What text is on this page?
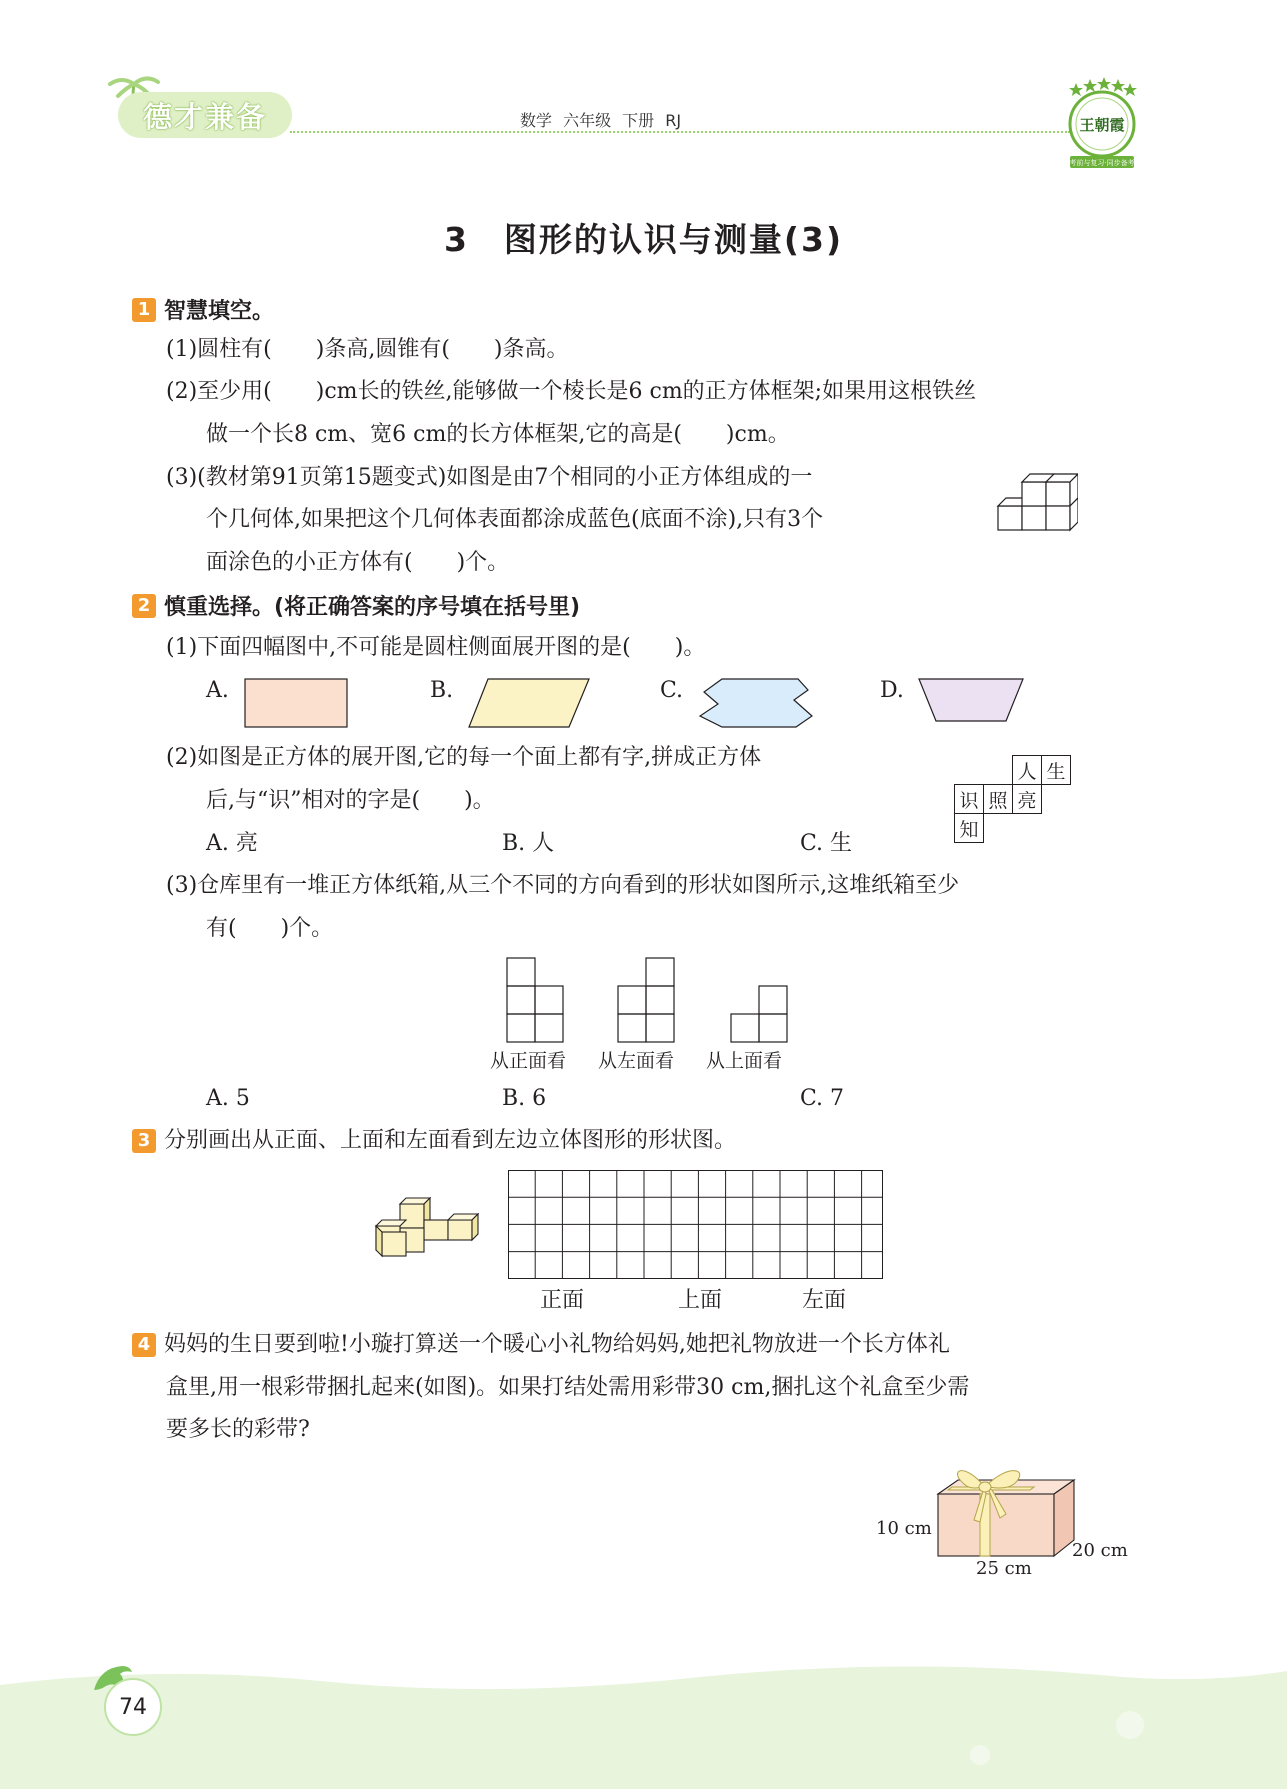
德才兼备	数学 六年级 下册 RJ	王朝霞
考前与复习·同步备考
3　图形的认识与测量(3)
1 智慧填空。
(1)圆柱有(　　)条高,圆锥有(　　)条高。
(2)至少用(　　)cm长的铁丝,能够做一个棱长是6 cm的正方体框架;如果用这根铁丝
做一个长8 cm、宽6 cm的长方体框架,它的高是(　　)cm。
(3)(教材第91页第15题变式)如图是由7个相同的小正方体组成的一
个几何体,如果把这个几何体表面都涂成蓝色(底面不涂),只有3个
面涂色的小正方体有(　　)个。
2 慎重选择。(将正确答案的序号填在括号里)
(1)下面四幅图中,不可能是圆柱侧面展开图的是(　　)。
A.	B.	C.	D.
(2)如图是正方体的展开图,它的每一个面上都有字,拼成正方体
后,与“识”相对的字是(　　)。
A. 亮	B. 人	C. 生
人 生
识 照 亮
知
(3)仓库里有一堆正方体纸箱,从三个不同的方向看到的形状如图所示,这堆纸箱至少
有(　　)个。
从正面看 从左面看 从上面看
A. 5	B. 6	C. 7
3 分别画出从正面、上面和左面看到左边立体图形的形状图。
正面	上面	左面
4 妈妈的生日要到啦!小璇打算送一个暖心小礼物给妈妈,她把礼物放进一个长方体礼
盒里,用一根彩带捆扎起来(如图)。如果打结处需用彩带30 cm,捆扎这个礼盒至少需
要多长的彩带?
10 cm
25 cm
20 cm
74
